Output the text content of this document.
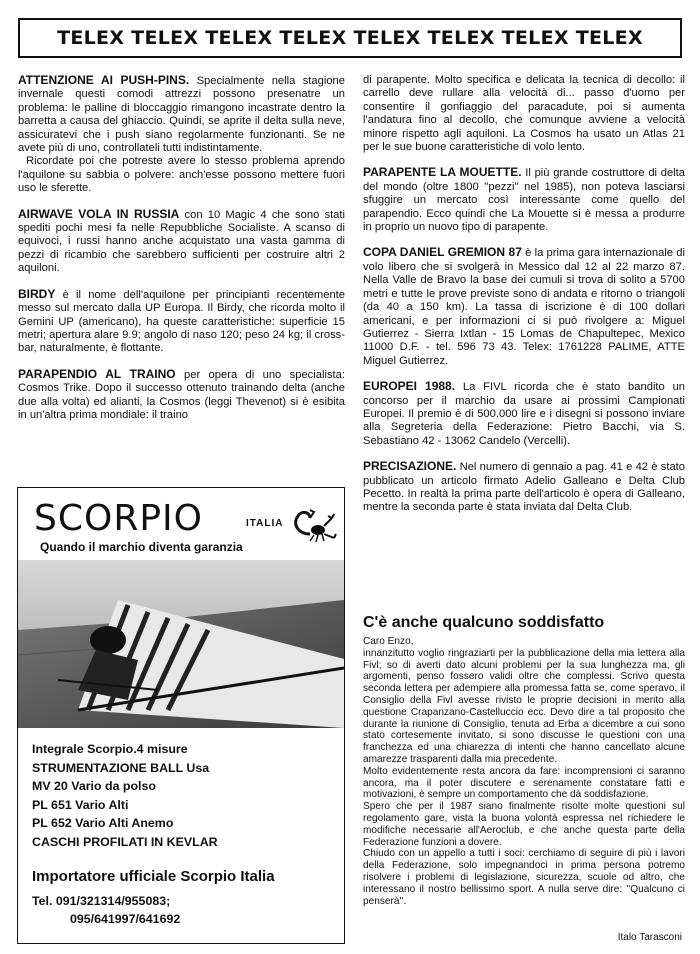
TELEX TELEX TELEX TELEX TELEX TELEX TELEX TELEX

ATTENZIONE AI PUSH-PINS. Specialmente nella stagione invernale questi comodi attrezzi possono presenatre un problema: le palline di bloccaggio rimangono incastrate dentro la barretta a causa del ghiaccio. Quindi, se aprite il delta sulla neve, assicuratevi che i push siano regolarmente funzionanti. Se ne avete più di uno, controllateli tutti indistintamente.
Ricordate poi che potreste avere lo stesso problema aprendo l'aquilone su sabbia o polvere: anch'esse possono mettere fuori uso le sferette.

AIRWAVE VOLA IN RUSSIA con 10 Magic 4 che sono stati spediti pochi mesi fa nelle Repubbliche Socialiste. A scanso di equivoci, i russi hanno anche acquistato una vasta gamma di pezzi di ricambio che sarebbero sufficienti per costruire altri 2 aquiloni.

BIRDY è il nome dell'aquilone per principianti recentemente messo sul mercato dalla UP Europa. Il Birdy, che ricorda molto il Gemini UP (americano), ha queste caratteristiche: superficie 15 metri; apertura alare 9.9; angolo di naso 120; peso 24 kg; il cross-bar, naturalmente, è flottante.

PARAPENDIO AL TRAINO per opera di uno specialista: Cosmos Trike. Dopo il successo ottenuto trainando delta (anche due alla volta) ed alianti, la Cosmos (leggi Thevenot) si è esibita in un'altra prima mondiale: il traino

SCORPIO	ITALIA
Quando il marchio diventa garanzia
Integrale Scorpio.4 misure
STRUMENTAZIONE BALL Usa
MV 20 Vario da polso
PL 651 Vario Alti
PL 652 Vario Alti Anemo
CASCHI PROFILATI IN KEVLAR
Importatore ufficiale Scorpio Italia
Tel. 091/321314/955083;
095/641997/641692

di parapente. Molto specifica e delicata la tecnica di decollo: il carrello deve rullare alla velocità di... passo d'uomo per consentire il gonfiaggio del paracadute, poi si aumenta l'andatura fino al decollo, che comunque avviene a velocità minore rispetto agli aquiloni. La Cosmos ha usato un Atlas 21 per le sue buone caratteristiche di volo lento.

PARAPENTE LA MOUETTE. Il più grande costruttore di delta del mondo (oltre 1800 ''pezzi'' nel 1985), non poteva lasciarsi sfuggire un mercato così interessante come quello del parapendio. Ecco quindi che La Mouette si è messa a produrre in proprio un nuovo tipo di parapente.

COPA DANIEL GREMION 87 è la prima gara internazionale di volo libero che si svolgerà in Messico dal 12 al 22 marzo 87. Nella Valle de Bravo la base dei cumuli si trova di solito a 5700 metri e tutte le prove previste sono di andata e ritorno o triangoli (da 40 a 150 km). La tassa di iscrizione è di 100 dollari americani, e per informazioni ci si può rivolgere a: Miguel Gutierrez - Sierra Ixtlan - 15 Lomas de Chapultepec, Mexico 11000 D.F. - tel. 596 73 43. Telex: 1761228 PALIME, ATTE Miguel Gutierrez.

EUROPEI 1988. La FIVL ricorda che è stato bandito un concorso per il marchio da usare ai prossimi Campionati Europei. Il premio è di 500.000 lire e i disegni si possono inviare alla Segreteria della Federazione: Pietro Bacchi, via S. Sebastiano 42 - 13062 Candelo (Vercelli).

PRECISAZIONE. Nel numero di gennaio a pag. 41 e 42 è stato pubblicato un articolo firmato Adelio Galleano e Delta Club Pecetto. In realtà la prima parte dell'articolo è opera di Galleano, mentre la seconda parte è stata inviata dal Delta Club.

C'è anche qualcuno soddisfatto

Caro Enzo,

innanzitutto voglio ringraziarti per la pubblicazione della mia lettera alla Fivl; so di averti dato alcuni problemi per la sua lunghezza ma, gli argomenti, penso fossero validi oltre che complessi. Scrivo questa seconda lettera per adempiere alla promessa fatta se, come speravo, il Consiglio della Fivl avesse rivisto le proprie decisioni in merito alla questione Crapanzano-Castelluccio ecc. Devo dire a tal proposito che durante la riunione di Consiglio, tenuta ad Erba a dicembre a cui sono stato cortesemente invitato, si sono discusse le questioni con una franchezza ed una chiarezza di intenti che hanno cancellato alcune amarezze trasparenti dalla mia precedente.

Molto evidentemente resta ancora da fare: incomprensioni ci saranno ancora, ma il poter discutere e serenamente constatare fatti e motivazioni, è sempre un comportamento che dà soddisfazione.

Spero che per il 1987 siano finalmente risolte molte questioni sul regolamento gare, vista la buona volontà espressa nel richiedere le modifiche necessarie all'Aeroclub, e che anche questa parte della Federazione funzioni a dovere.

Chiudo con un appello a tutti i soci: cerchiamo di seguire di più i lavori della Federazione, solo impegnandoci in prima persona potremo risolvere i problemi di legislazione, sicurezza, scuole od altro, che interessano il nostro bellissimo sport. A nulla serve dire: ''Qualcuno ci penserà''.

Italo Tarasconi
